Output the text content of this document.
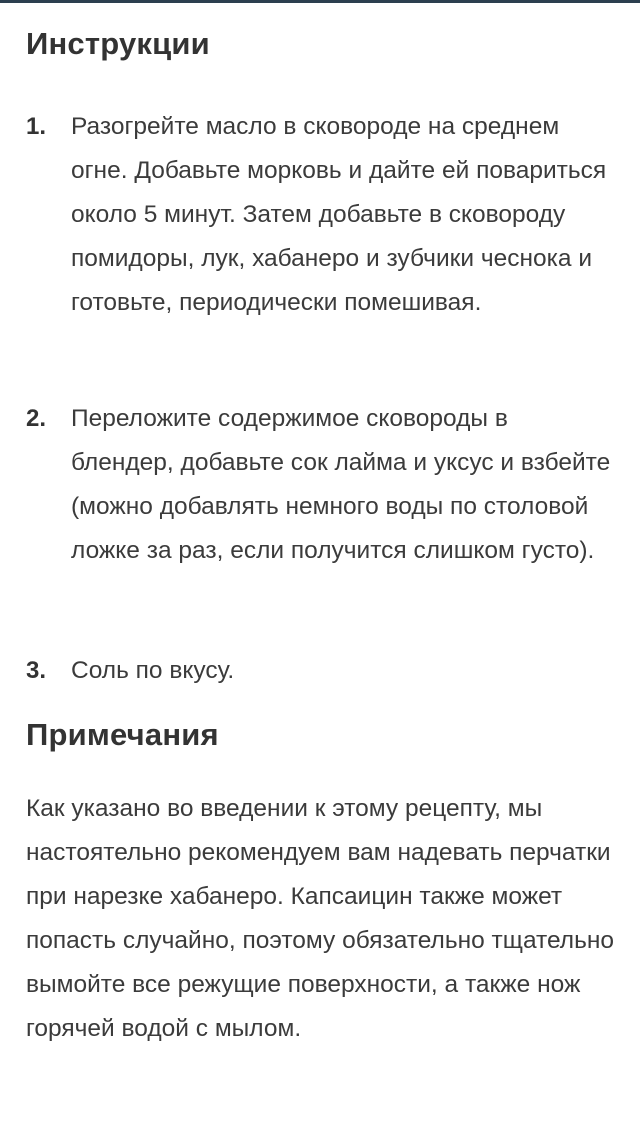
Инструкции
1. Разогрейте масло в сковороде на среднем огне. Добавьте морковь и дайте ей повариться около 5 минут. Затем добавьте в сковороду помидоры, лук, хабанеро и зубчики чеснока и готовьте, периодически помешивая.
2. Переложите содержимое сковороды в блендер, добавьте сок лайма и уксус и взбейте (можно добавлять немного воды по столовой ложке за раз, если получится слишком густо).
3. Соль по вкусу.
Примечания

Как указано во введении к этому рецепту, мы настоятельно рекомендуем вам надевать перчатки при нарезке хабанеро. Капсаицин также может попасть случайно, поэтому обязательно тщательно вымойте все режущие поверхности, а также нож горячей водой с мылом.
